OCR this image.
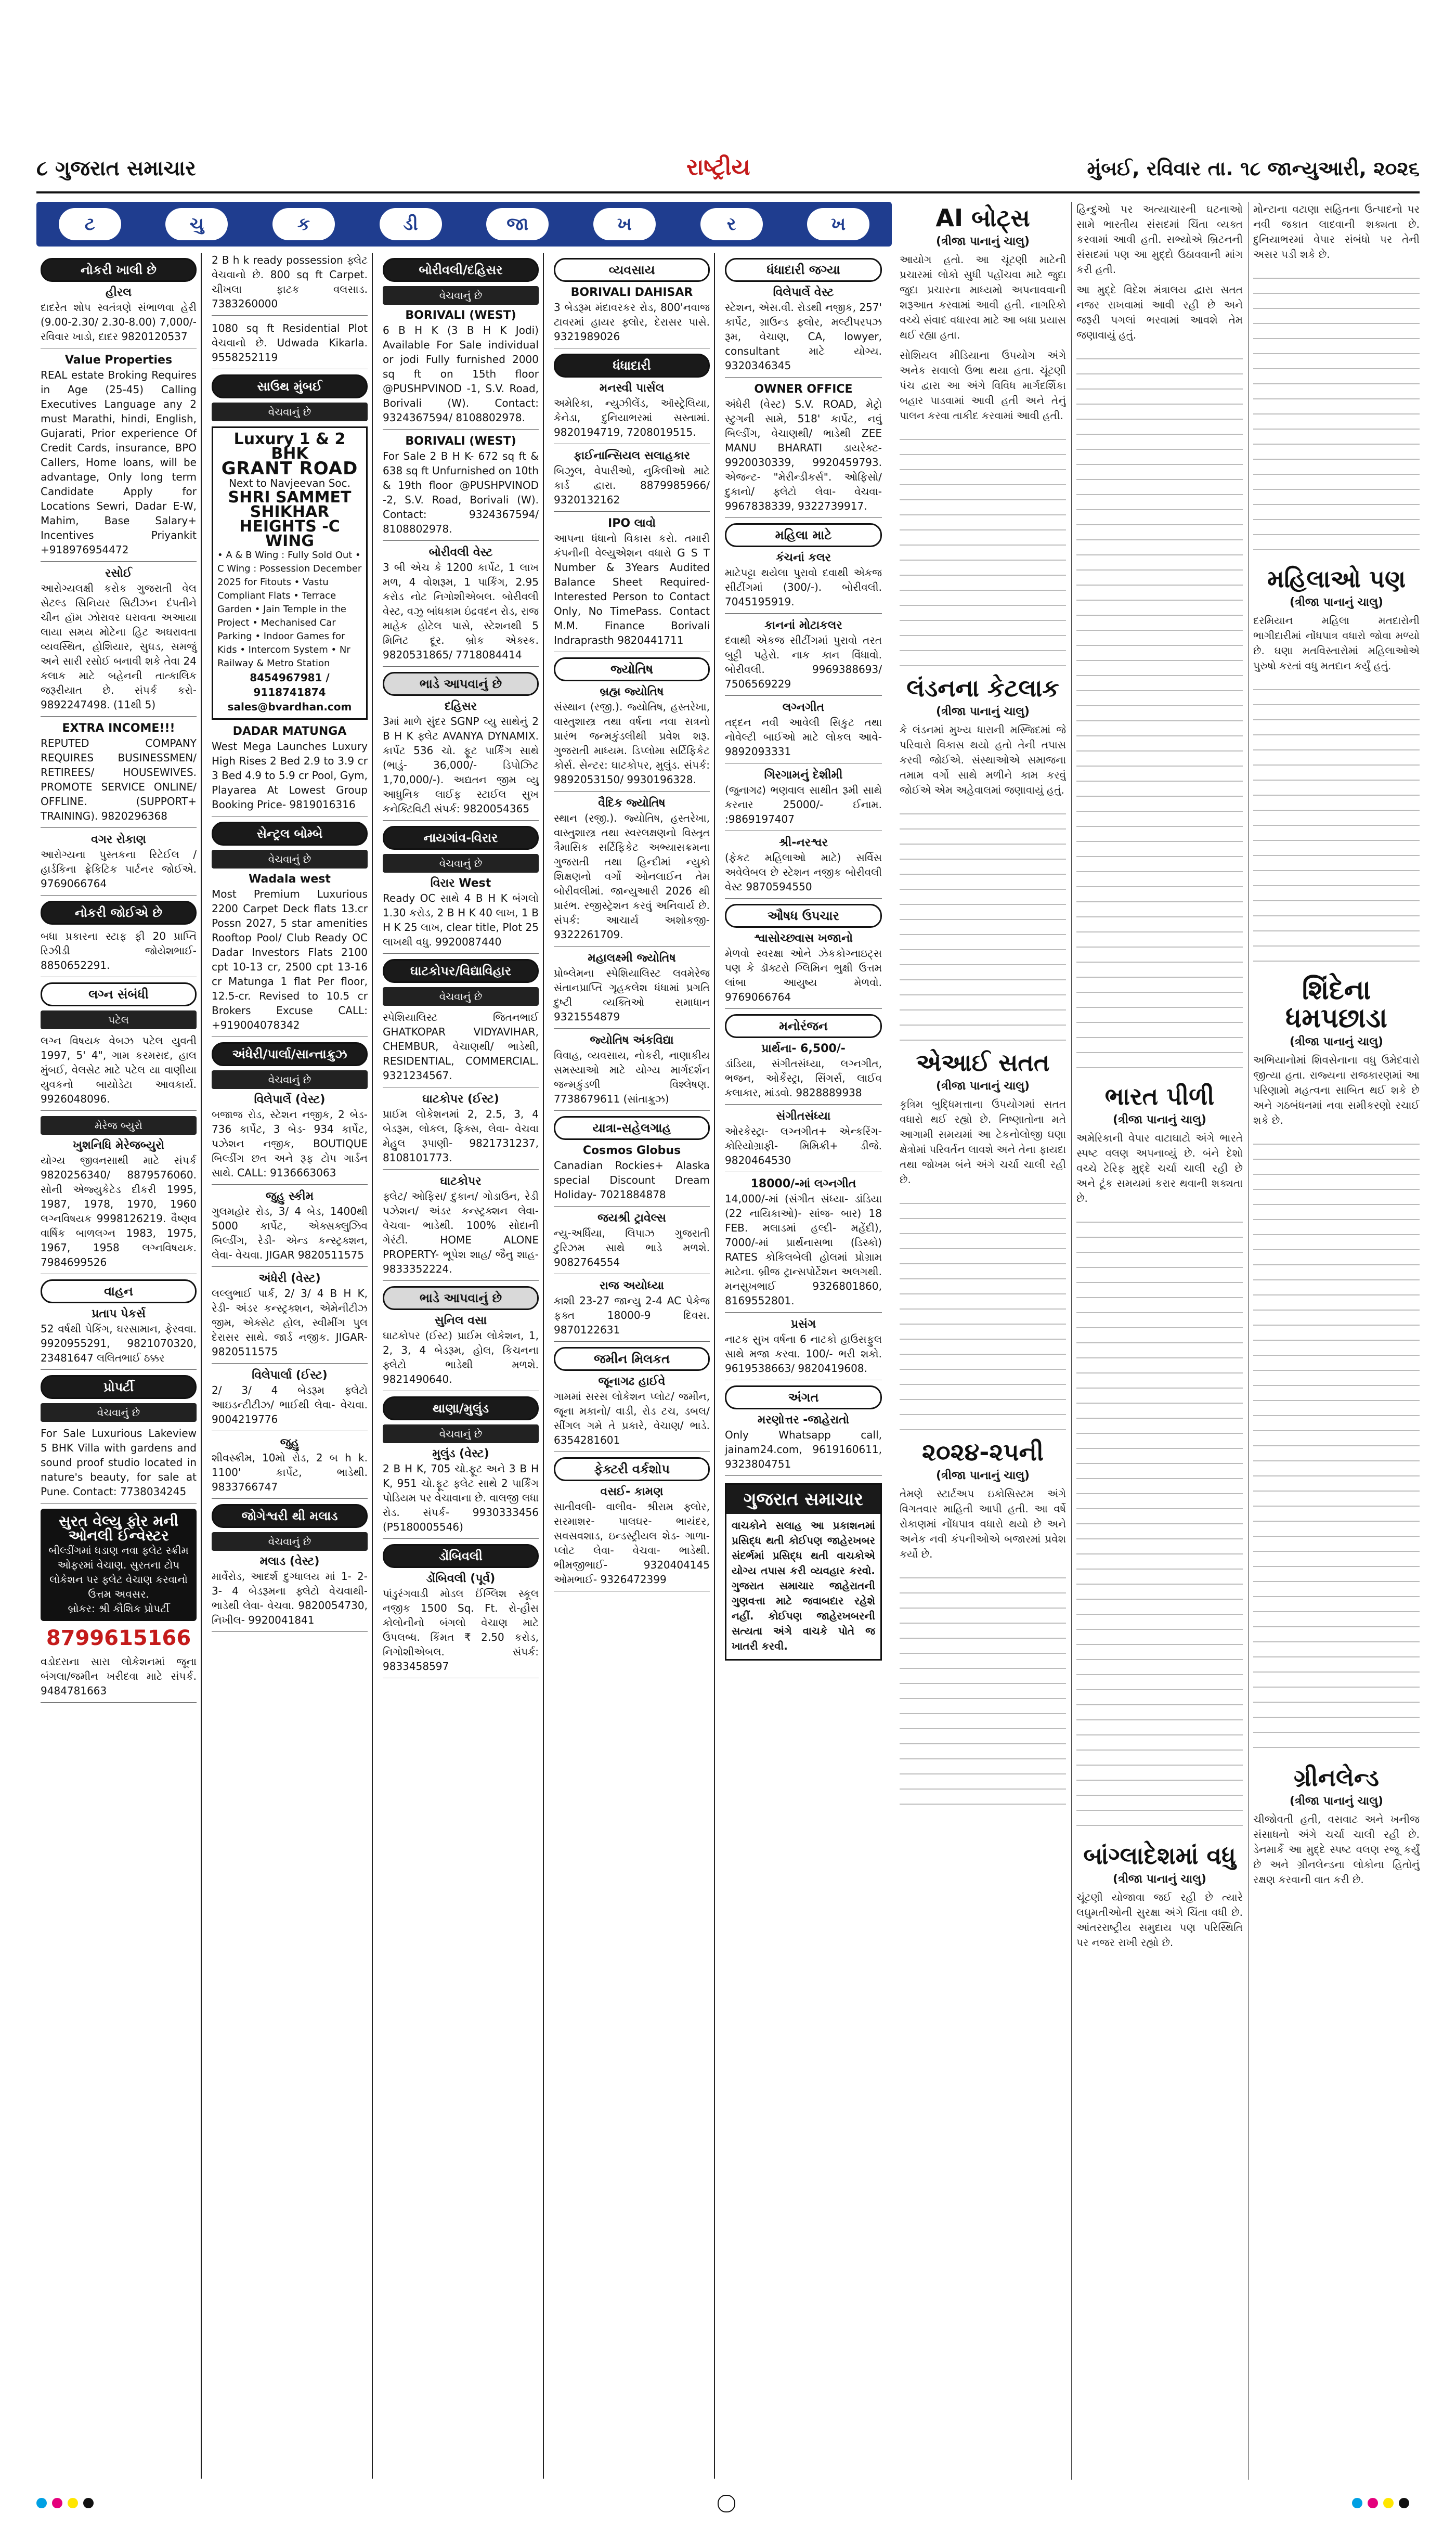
૮ ગુજરાત સમાચાર	રાષ્ટ્રીય	મુંબઈ, રવિવાર તા. ૧૮ જાન્યુઆરી, ૨૦૨૬
ટ	ચુ	ક	ડી	જા	ખ	ર	ખ
નોકરી ખાલી છે
હીરલ
દાદરેત શોપ સ્વતંત્રણે સંભાળવા હેરી (9.00-2.30/ 2.30-8.00) 7,000/- રવિવાર ખાડો, દાદર 9820120537
Value Properties
REAL estate Broking Requires in Age (25-45) Calling Executives Language any 2 must Marathi, hindi, English, Gujarati, Prior experience Of Credit Cards, insurance, BPO Callers, Home loans, will be advantage, Only long term Candidate Apply for Locations Sewri, Dadar E-W, Mahim, Base Salary+ Incentives Priyankit +918976954472
રસોઈ
આરોગ્યલક્ષી કરોક ગુજરાતી વેલ સેટલ્ડ સિનિયર સિટીઝન દંપતીને ચીન હૉમ ઝોરાવર ઘરાવતા અઆયા લાયા સમય મોટેના હિટ અઘરાવતા વ્યવસ્થિત, હોશિયાર, સુઘડ, સમજું અને સારી રસોઈ બનાવી શકે તેવા 24 કલાક માટે બહેનની તાત્કાલિક જરૂરીયાત છે. સંપર્ક કરો- 9892247498. (11થી 5)
EXTRA INCOME!!!
REPUTED COMPANY REQUIRES BUSINESSMEN/ RETIREES/ HOUSEWIVES. PROMOTE SERVICE ONLINE/ OFFLINE. (SUPPORT+ TRAINING). 9820296368
વગર રોકાણ
આરોગ્યના પુસ્તકના રિટેઈલ / હાર્ડકિના ફ્રેકિટિક પાર્ટનર જોઈએ. 9769066764
નોકરી જોઈએ છે
બધા પ્રકારના સ્ટાફ ફી 20 પ્રાપ્તિ રિઝીડી જોયેશભાઈ- 8850652291.
લગ્ન સંબંધી
પટેલ
લગ્ન વિષયક વેબઝ પટેલ યુવતી 1997, 5' 4", ગામ કરમસદ, હાલ મુંબઈ, વેલસેટ માટે પટેલ યા વાણીયા યુવકનો બાયોડેટા આવકાર્ય. 9926048096.
મેરેજ બ્યુરો
ખુશનિધિ મેરેજબ્યુરો
યોગ્ય જીવનસાથી માટે સંપર્ક 9820256340/ 8879576060. સોની એજ્યુકેટેડ દીકરી 1995, 1987, 1978, 1970, 1960 લગ્નવિષયક 9998126219. વૈષ્ણવ વાર્ષિક બાળલગ્ન 1983, 1975, 1967, 1958 લગ્નવિષયક. 7984699526
વાહન
પ્રતાપ પેકર્સ
52 વર્ષથી પેકિંગ, ઘરસામાન, ફેરવવા. 9920955291, 9821070320, 23481647 લલિતભાઈ ઠક્કર
પ્રોપર્ટી
વેચવાનું છે
For Sale Luxurious Lakeview 5 BHK Villa with gardens and sound proof studio located in nature's beauty, for sale at Pune. Contact: 7738034245
સુરત વેલ્યુ ફોર મની ઓનલી ઈન્વેસ્ટર
બીલ્ડીંગમાં ધડાણ નવા ફ્લેટ સ્ક્રીમ ઓફરમાં વેચાણ. સુરતના ટોપ લોકેશન પર ફ્લેટ વેચાણ કરવાનો ઉત્તમ અવસર.
બ્રોકર: શ્રી કૌશિક પ્રોપર્ટી
8799615166
વડોદરાના સારા લોકેશનમાં જૂના બંગલા/જમીન ખરીદવા માટે સંપર્ક. 9484781663
2 B h k ready possession ફ્લેટ વેચવાનો છે. 800 sq ft Carpet. ચીખલા ફાટક વલસાડ. 7383260000
1080 sq ft Residential Plot વેચવાનો છે. Udwada Kikarla. 9558252119
સાઉથ મુંબઈ
વેચવાનું છે
Luxury 1 & 2 BHK
GRANT ROAD
Next to Navjeevan Soc.
SHRI SAMMET SHIKHAR HEIGHTS -C WING
• A & B Wing : Fully Sold Out • C Wing : Possession December 2025 for Fitouts • Vastu Compliant Flats • Terrace Garden • Jain Temple in the Project • Mechanised Car Parking • Indoor Games for Kids • Intercom System • Nr Railway & Metro Station
8454967981 / 9118741874 sales@bvardhan.com
DADAR MATUNGA
West Mega Launches Luxury High Rises 2 Bed 2.9 to 3.9 cr 3 Bed 4.9 to 5.9 cr Pool, Gym, Playarea At Lowest Group Booking Price- 9819016316
સેન્ટ્રલ બોમ્બે
વેચવાનું છે
Wadala west
Most Premium Luxurious 2200 Carpet Deck flats 13.cr Possn 2027, 5 star amenities Rooftop Pool/ Club Ready OC Dadar Investors Flats 2100 cpt 10-13 cr, 2500 cpt 13-16 cr Matunga 1 flat Per floor, 12.5-cr. Revised to 10.5 cr Brokers Excuse CALL: +919004078342
અંધેરી/પાર્લા/સાન્તાક્રુઝ
વેચવાનું છે
વિલેપાર્લે (વેસ્ટ)
બજાજ રોડ, સ્ટેશન નજીક, 2 બેડ- 736 કાર્પેટ, 3 બેડ- 934 કાર્પેટ, પઝેશન નજીક, BOUTIQUE બિલ્ડીંગ છત અને રૂફ ટોપ ગાર્ડન સાથે. CALL: 9136663063
જુહુ સ્કીમ
ગુલમહોર રોડ, 3/ 4 બેડ, 1400થી 5000 કાર્પેટ, એક્સક્લુઝિવ બિલ્ડીંગ, રેડી- એન્ડ કન્સ્ટ્રક્શન, લેવા- વેચવા. JIGAR 9820511575
અંધેરી (વેસ્ટ)
લલ્લુભાઈ પાર્ક, 2/ 3/ 4 B H K, રેડી- અંડર કન્સ્ટ્રક્શન, એમેનીટીઝ જીમ, એક્સેટ હોલ, સ્વીમીંગ પુલ દેરાસર સાથે. જાર્ડ નજીક. JIGAR- 9820511575
વિલેપાર્લા (ઈસ્ટ)
2/ 3/ 4 બેડરૂમ ફ્લેટો આઇડન્ટીટીઝ/ ભાઈથી લેવા- વેચવા. 9004219776
જુહુ
શીવસ્ક્રીમ, 10મો રોડ, 2 બ h k. 1100' કાર્પેટ, ભાડેથી. 9833766747
જોગેશ્વરી થી મલાડ
વેચવાનું છે
મલાડ (વેસ્ટ)
માર્વેરોડ, આદર્શ દુગ્ધાલય માં 1- 2- 3- 4 બેડરૂમના ફ્લેટો વેચવાથી-ભાડેથી લેવા- વેચવા. 9820054730, નિખીલ- 9920041841
બોરીવલી/દહિસર
વેચવાનું છે
BORIVALI (WEST)
6 B H K (3 B H K Jodi) Available For Sale individual or jodi Fully furnished 2000 sq ft on 15th floor @PUSHPVINOD -1, S.V. Road, Borivali (W). Contact: 9324367594/ 8108802978.
BORIVALI (WEST)
For Sale 2 B H K- 672 sq ft & 638 sq ft Unfurnished on 10th & 19th floor @PUSHPVINOD -2, S.V. Road, Borivali (W). Contact: 9324367594/ 8108802978.
બોરીવલી વેસ્ટ
3 બી એચ કે 1200 કાર્પેટ, 1 લાખ મળ, 4 વોશરૂમ, 1 પાર્કિંગ, 2.95 કરોડ નોટ નિગોશીએબલ. બોરીવલી વેસ્ટ, વઝુ બાંધકામ ઇંદ્રવદન રોડ, રાજ માહેક હોટેલ પાસે, સ્ટેશનથી 5 મિનિટ દૂર. બ્રોક એક્સ્ક. 9820531865/ 7718084414
ભાડે આપવાનું છે
દહિસર
3માં માળે સુંદર SGNP વ્યુ સાથેનું 2 B H K ફ્લેટ AVANYA DYNAMIX. કાર્પેટ 536 ચો. ફૂટ પાર્કિંગ સાથે (ભાડું- 36,000/- ડિપોઝિટ 1,70,000/-). અદ્યતન જીમ વ્યુ આધુનિક લાઈફ સ્ટાઈલ સુખ કનેક્ટિવિટી સંપર્ક: 9820054365
નાયગાંવ-વિરાર
વેચવાનું છે
વિરાર West
Ready OC સાથે 4 B H K બંગલો 1.30 કરોડ, 2 B H K 40 લાખ, 1 B H K 25 લાખ, clear title, Plot 25 લાખથી વધુ. 9920087440
ઘાટકોપર/વિદ્યાવિહાર
વેચવાનું છે
સ્પેશિયાલિસ્ટ જિતનભાઈ GHATKOPAR VIDYAVIHAR, CHEMBUR, વેચાણથી/ ભાડેથી, RESIDENTIAL, COMMERCIAL. 9321234567.
ઘાટકોપર (ઈસ્ટ)
પ્રાઈમ લોકેશનમાં 2, 2.5, 3, 4 બેડરૂમ, લોકલ, ફિક્સ, લેવા- વેચવા મેહુલ રૂપાણી- 9821731237, 8108101773.
ઘાટકોપર
ફ્લેટ/ ઓફિસ/ દુકાન/ ગોડાઉન, રેડી પઝેશન/ અંડર કન્સ્ટ્રક્શન લેવા- વેચવા- ભાડેથી. 100% સોદાની ગેરંટી. HOME ALONE PROPERTY- ભૂપેશ શાહ/ જૈનુ શાહ- 9833352224.
ભાડે આપવાનું છે
સુનિલ વસા
ઘાટકોપર (ઈસ્ટ) પ્રાઈમ લોકેશન, 1, 2, 3, 4 બેડરૂમ, હોલ, કિચનના ફ્લેટો ભાડેથી મળશે. 9821490640.
થાણા/મુલુંડ
વેચવાનું છે
મુલુંડ (વેસ્ટ)
2 B H K, 705 ચો.ફૂટ અને 3 B H K, 951 ચો.ફૂટ ફ્લેટ સાથે 2 પાર્કિંગ પોડિયમ પર વેચાવાના છે. વાલજી લધા રોડ. સંપર્ક- 9930333456 (P5180005546)
ડોંબિવલી
ડોંબિવલી (પૂર્વ)
પાંડુરંગવાડી મોડલ ઈંગ્લિશ સ્કૂલ નજીક 1500 Sq. Ft. રો-હૌસ કોલોનીનો બંગલો વેચાણ માટે ઉપલબ્ધ. કિંમત ₹ 2.50 કરોડ, નિગોશીએબલ. સંપર્ક: 9833458597
વ્યવસાય
BORIVALI DAHISAR
3 બેડરૂમ મંદાવરકર રોડ, 800'નવાજ ટાવરમાં હાયર ફ્લોર, દેરાસર પાસે. 9321989026
ધંધાદારી
મનસ્વી પાર્સલ
અમેરિકા, ન્યુઝીલેંડ, ઑસ્ટ્રેલિયા, કેનેડા, દુનિયાભરમાં સસ્તામાં. 9820194719, 7208019515.
ફાઈનાન્સિયલ સલાહકાર
બિઝુલ, વેપારીઓ, નુકિલીઓ માટે કાર્ડ દ્વારા. 8879985966/ 9320132162
IPO લાવો
આપના ધંધાનો વિકાસ કરો. તમારી કંપનીની વેલ્યુએશન વધારો G S T Number & 3Years Audited Balance Sheet Required- Interested Person to Contact Only, No TimePass. Contact M.M. Finance Borivali Indraprasth 9820441711
જ્યોતિષ
બ્રહ્મ જ્યોતિષ
સંસ્થાન (રજી.). જ્યોતિષ, હસ્તરેખા, વાસ્તુશાસ્ત્ર તથા વર્ષના નવા સત્રનો પ્રારંભ જન્મકુંડલીથી પ્રવેશ શરૂ. ગુજરાતી માધ્યમ. ડિપ્લોમા સર્ટિફિકેટ કોર્સ. સેન્ટર: ઘાટકોપર, મુલુંડ. સંપર્ક: 9892053150/ 9930196328.
વૈદિક જ્યોતિષ
સ્થાન (રજી.). જ્યોતિષ, હસ્તરેખા, વાસ્તુશાસ્ત્ર તથા સ્વરલક્ષણનો વિસ્તૃત ત્રૈમાસિક સર્ટિફિકેટ અભ્યાસક્રમના ગુજરાતી તથા હિન્દીમાં ન્યુકો શિક્ષણનો વર્ગો ઓનલાઈન તેમ બોરીવલીમાં. જાન્યુઆરી 2026 થી પ્રારંભ. રજીસ્ટ્રેશન કરવું અનિવાર્ય છે. સંપર્ક: આચાર્ય અશોકજી- 9322261709.
મહાલક્ષ્મી જ્યોતિષ
પ્રોબ્લેમના સ્પેશિયાલિસ્ટ લવમેરેજ સંતાનપ્રાપ્તિ ગૃહકલેશ ધંધામાં પ્રગતિ દુષ્ટી વ્યક્તિઓ સમાધાન 9321554879
જ્યોતિષ અંકવિદ્યા
વિવાહ, વ્યવસાય, નોકરી, નાણાકીય સમસ્યાઓ માટે યોગ્ય માર્ગદર્શન જન્મકુંડળી વિશ્લેષણ. 7738679611 (સાંતાક્રુઝ)
યાત્રા-સહેલગાહ
Cosmos Globus
Canadian Rockies+ Alaska special Discount Dream Holiday- 7021884878
જયશ્રી ટ્રાવેલ્સ
ન્યુ-અર્ધિયા, લિપાઝ ગુજરાતી ટુરિઝમ સાથે ભાડે મળશે. 9082764554
રાજ અયોધ્યા
કાશી 23-27 જાન્યુ 2-4 AC પેકેજ ફક્ત 18000-9 દિવસ. 9870122631
જમીન મિલકત
જૂનાગઢ હાઈવે
ગામમાં સરસ લોકેશન પ્લોટ/ જમીન, જૂના મકાનો/ વાડી, રોડ ટચ, ડબલ/ સીંગલ ગમે તે પ્રકારે, વેચાણ/ ભાડે. 6354281601
ફેક્ટરી વર્કશોપ
વસઈ- કામણ
સાતીવલી- વાલીવ- શ્રીરામ ફ્લોર, સરમાશર- પાલઘર- ભાયંદર, સવસવશાડ, ઇન્ડસ્ટ્રીયલ શેડ- ગાળા-પ્લોટ લેવા- વેચવા- ભાડેથી. ભીમજીભાઈ- 9320404145 ઓમભાઈ- 9326472399
ધંધાદારી જગ્યા
વિલેપાર્લે વેસ્ટ
સ્ટેશન, એસ.વી. રોડથી નજીક, 257' કાર્પેટ, ગ્રાઉન્ડ ફ્લોર, મલ્ટીપરપઝ રૂમ, વેચાણ, CA, lowyer, consultant માટે યોગ્ય. 9320346345
OWNER OFFICE
અંધેરી (વેસ્ટ) S.V. ROAD, મેટ્રો સ્ટુગની સામે, 518' કાર્પેટ, નવું બિલ્ડીંગ, વેચાણથી/ ભાડેથી ZEE MANU BHARATI ડાયરેક્ટ- 9920030339, 9920459793. એજન્ટ- "મેરીન્ડીકર્સ". ઓફિસો/ દુકાનો/ ફ્લેટો લેવા- વેચવા- 9967838339, 9322739917.
મહિલા માટે
કંચનાં કલર
માટેપટ્ટા થયેલા પુરાવો દવાથી એકજ સીટીંગમાં (300/-). બોરીવલી. 7045195919.
કાનનાં મોટાકલર
દવાથી એકજ સીટીંગમાં પુરાવો તરત બુટ્ટી પહેરો. નાક કાન વિંધાવો. બોરીવલી. 9969388693/ 7506569229
લગ્નગીત
તદ્દન નવી આવેલી સિકુટ તથા નોવેલ્ટી બાઈઓ માટે લોકલ આવે- 9892093331
ગિરગામનું દેશીમી
(જુનાગઢ) ભણવાલ સાથીત રૂમી સાથે કરનાર 25000/- ઈનામ. :9869197407
શ્રી-નરશ્વર
(ફેકટ મહિલાઓ માટે) સર્વિસ અવેલેબલ છે સ્ટેશન નજીક બોરીવલી વેસ્ટ 9870594550
ઔષધ ઉપચાર
શ્વાસોચ્છ્વાસ ખજાનો
મેળવો સ્વરક્ષા ઓને ઝેકકોગ્નાઇટ્સ પણ કે ડૉક્ટરો ગ્લિમિન ભુક્ષી ઉત્તમ લાંબા આયુષ્ય મેળવો. 9769066764
મનોરંજન
પ્રાર્થના- 6,500/-
ડાંડિયા, સંગીતસંધ્યા, લગ્નગીત, ભજન, ઓર્કેસ્ટ્રા, સિંગર્સ, લાઈવ કલાકાર, માંડવો. 9828889938
સંગીતસંધ્યા
ઓરકેસ્ટ્રા- લગ્નગીત+ એન્કરિંગ- કોરિયોગ્રાફી- મિમિક્રી+ ડીજે. 9820464530
18000/-માં લગ્નગીત
14,000/-માં (સંગીત સંધ્યા- ડાંડિયા (22 નાયિકાઓ)- સાંજ- બાર) 18 FEB. મલાડમાં હલ્દી- મહેંદી), 7000/-માં પ્રાર્થનાસભા (ડિસ્કો) RATES કોકિલબેલી હોલમાં પ્રોગ્રામ માટેના. બ્રીજ ટ્રાન્સપોર્ટેશન અલગથી. મનસુખભાઈ 9326801860, 8169552801.
પ્રસંગ
નાટક સુખ વર્ષના 6 નાટકો હાઉસફુલ સાથે મજા કરવા. 100/- ભરી શકો. 9619538663/ 9820419608.
અંગત
મરણોત્તર -જાહેરાતો
Only Whatsapp call, jainam24.com, 9619160611, 9323804751
ગુજરાત સમાચાર
વાચકોને સલાહ આ પ્રકાશનમાં પ્રસિદ્ધ થતી કોઈપણ જાહેરખબર સંદર્ભમાં પ્રસિદ્ધ થતી વાચકોએ યોગ્ય તપાસ કરી વ્યવહાર કરવો. ગુજરાત સમાચાર જાહેરાતની ગુણવત્તા માટે જવાબદાર રહેશે નહીં. કોઈપણ જાહેરખબરની સત્યતા અંગે વાચકે પોતે જ ખાતરી કરવી.
AI બોટ્સ
(ત્રીજા પાનાનું ચાલુ)
આયોગ હતો. આ ચૂંટણી માટેની પ્રચારમાં લોકો સુધી પહોંચવા માટે જુદા જુદા પ્રચારના માધ્યમો અપનાવવાની શરૂઆત કરવામાં આવી હતી. નાગરિકો વચ્ચે સંવાદ વધારવા માટે આ બધા પ્રયાસ થઈ રહ્યા હતા.
સોશિયલ મીડિયાના ઉપયોગ અંગે અનેક સવાલો ઉભા થયા હતા. ચૂંટણી પંચ દ્વારા આ અંગે વિવિધ માર્ગદર્શિકા બહાર પાડવામાં આવી હતી અને તેનું પાલન કરવા તાકીદ કરવામાં આવી હતી.
લંડનના કેટલાક
(ત્રીજા પાનાનું ચાલુ)
કે લંડનમાં મુખ્ય ધારાની મસ્જિદમાં જે પરિવારો વિકાસ થયો હતો તેની તપાસ કરવી જોઈએ. સંસ્થાઓએ સમાજના તમામ વર્ગો સાથે મળીને કામ કરવું જોઈએ એમ અહેવાલમાં જણાવાયું હતું.
એઆઈ સતત
(ત્રીજા પાનાનું ચાલુ)
કૃત્રિમ બુદ્ધિમત્તાના ઉપયોગમાં સતત વધારો થઈ રહ્યો છે. નિષ્ણાતોના મતે આગામી સમયમાં આ ટેકનોલોજી ઘણા ક્ષેત્રોમાં પરિવર્તન લાવશે અને તેના ફાયદા તથા જોખમ બંને અંગે ચર્ચા ચાલી રહી છે.
૨૦૨૪-૨૫ની
(ત્રીજા પાનાનું ચાલુ)
તેમણે સ્ટાર્ટઅપ ઇકોસિસ્ટમ અંગે વિગતવાર માહિતી આપી હતી. આ વર્ષે રોકાણમાં નોંધપાત્ર વધારો થયો છે અને અનેક નવી કંપનીઓએ બજારમાં પ્રવેશ કર્યો છે.
હિન્દુઓ પર અત્યાચારની ઘટનાઓ સામે ભારતીય સંસદમાં ચિંતા વ્યક્ત કરવામાં આવી હતી. સભ્યોએ બ્રિટનની સંસદમાં પણ આ મુદ્દો ઉઠાવવાની માંગ કરી હતી.
આ મુદ્દે વિદેશ મંત્રાલય દ્વારા સતત નજર રાખવામાં આવી રહી છે અને જરૂરી પગલાં ભરવામાં આવશે તેમ જણાવાયું હતું.
ભારત પીળી
(ત્રીજા પાનાનું ચાલુ)
અમેરિકાની વેપાર વાટાઘાટો અંગે ભારતે સ્પષ્ટ વલણ અપનાવ્યું છે. બંને દેશો વચ્ચે ટેરિફ મુદ્દે ચર્ચા ચાલી રહી છે અને ટૂંક સમયમાં કરાર થવાની શક્યતા છે.
બાંગ્લાદેશમાં વધુ
(ત્રીજા પાનાનું ચાલુ)
ચૂંટણી યોજાવા જઈ રહી છે ત્યારે લઘુમતીઓની સુરક્ષા અંગે ચિંતા વધી છે. આંતરરાષ્ટ્રીય સમુદાય પણ પરિસ્થિતિ પર નજર રાખી રહ્યો છે.
મોન્ટાના વટાણા સહિતના ઉત્પાદનો પર નવી જકાત લાદવાની શક્યતા છે. દુનિયાભરમાં વેપાર સંબંધો પર તેની અસર પડી શકે છે.
મહિલાઓ પણ
(ત્રીજા પાનાનું ચાલુ)
દરમિયાન મહિલા મતદારોની ભાગીદારીમાં નોંધપાત્ર વધારો જોવા મળ્યો છે. ઘણા મતવિસ્તારોમાં મહિલાઓએ પુરુષો કરતાં વધુ મતદાન કર્યું હતું.
શિંદેના ધમપછાડા
(ત્રીજા પાનાનું ચાલુ)
અભિયાનોમાં શિવસેનાના વધુ ઉમેદવારો જીત્યા હતા. રાજ્યના રાજકારણમાં આ પરિણામો મહત્વના સાબિત થઈ શકે છે અને ગઠબંધનમાં નવા સમીકરણો રચાઈ શકે છે.
ગ્રીનલેન્ડ
(ત્રીજા પાનાનું ચાલુ)
ચીજોવતી હતી, વસવાટ અને ખનીજ સંસાધનો અંગે ચર્ચા ચાલી રહી છે. ડેનમાર્કે આ મુદ્દે સ્પષ્ટ વલણ રજૂ કર્યું છે અને ગ્રીનલેન્ડના લોકોના હિતોનું રક્ષણ કરવાની વાત કરી છે.
